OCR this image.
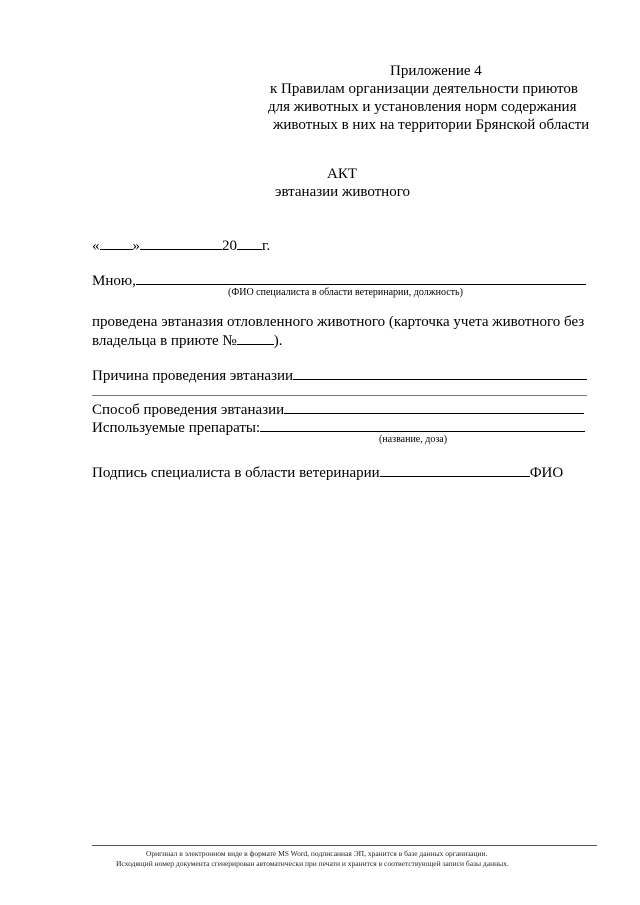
Приложение 4
к Правилам организации деятельности приютов
для животных и установления норм содержания
животных в них на территории Брянской области
АКТ
эвтаназии животного
« »	20 г.
Мною,
(ФИО специалиста в области ветеринарии, должность)
проведена эвтаназия отловленного животного (карточка учета животного без
владельца в приюте № ).
Причина проведения эвтаназии
Способ проведения эвтаназии
Используемые препараты:
(название, доза)
Подпись специалиста в области ветеринарии	ФИО
Оригинал в электронном виде в формате MS Word, подписанная ЭП, хранится в базе данных организации.
Исходящий номер документа сгенерирован автоматически при печати и хранится в соответствующей записи базы данных.
